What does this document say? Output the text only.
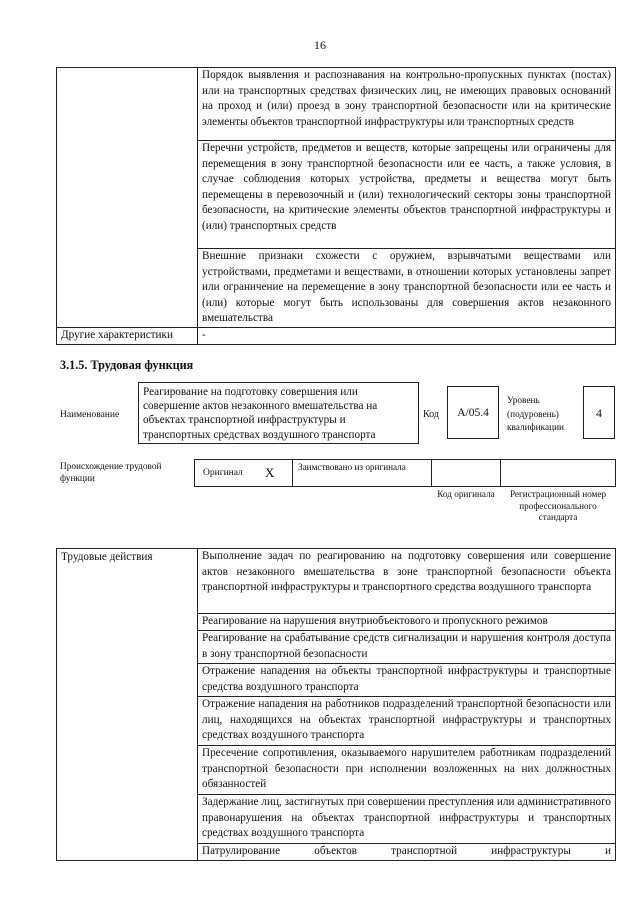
16
	Порядок выявления и распознавания на контрольно-пропускных пунктах (постах) или на транспортных средствах физических лиц, не имеющих правовых оснований на проход и (или) проезд в зону транспортной безопасности или на критические элементы объектов транспортной инфраструктуры или транспортных средств
	Перечни устройств, предметов и веществ, которые запрещены или ограничены для перемещения в зону транспортной безопасности или ее часть, а также условия, в случае соблюдения которых устройства, предметы и вещества могут быть перемещены в перевозочный и (или) технологический секторы зоны транспортной безопасности, на критические элементы объектов транспортной инфраструктуры и (или) транспортных средств
	Внешние признаки схожести с оружием, взрывчатыми веществами или устройствами, предметами и веществами, в отношении которых установлены запрет или ограничение на перемещение в зону транспортной безопасности или ее часть и (или) которые могут быть использованы для совершения актов незаконного вмешательства
Другие характеристики	-
3.1.5. Трудовая функция
Наименование
Реагирование на подготовку совершения или совершение актов незаконного вмешательства на объектах транспортной инфраструктуры и транспортных средствах воздушного транспорта
Код	A/05.4
Уровень (подуровень) квалификации
4
Происхождение трудовой функции
Оригинал X	Заимствовано из оригинала
Код оригинала	Регистрационный номер профессионального стандарта
Трудовые действия	Выполнение задач по реагированию на подготовку совершения или совершение актов незаконного вмешательства в зоне транспортной безопасности объекта транспортной инфраструктуры и транспортного средства воздушного транспорта
Реагирование на нарушения внутриобъектового и пропускного режимов
Реагирование на срабатывание средств сигнализации и нарушения контроля доступа в зону транспортной безопасности
Отражение нападения на объекты транспортной инфраструктуры и транспортные средства воздушного транспорта
Отражение нападения на работников подразделений транспортной безопасности или лиц, находящихся на объектах транспортной инфраструктуры и транспортных средствах воздушного транспорта
Пресечение сопротивления, оказываемого нарушителем работникам подразделений транспортной безопасности при исполнении возложенных на них должностных обязанностей
Задержание лиц, застигнутых при совершении преступления или административного правонарушения на объектах транспортной инфраструктуры и транспортных средствах воздушного транспорта
Патрулирование объектов транспортной инфраструктуры и
